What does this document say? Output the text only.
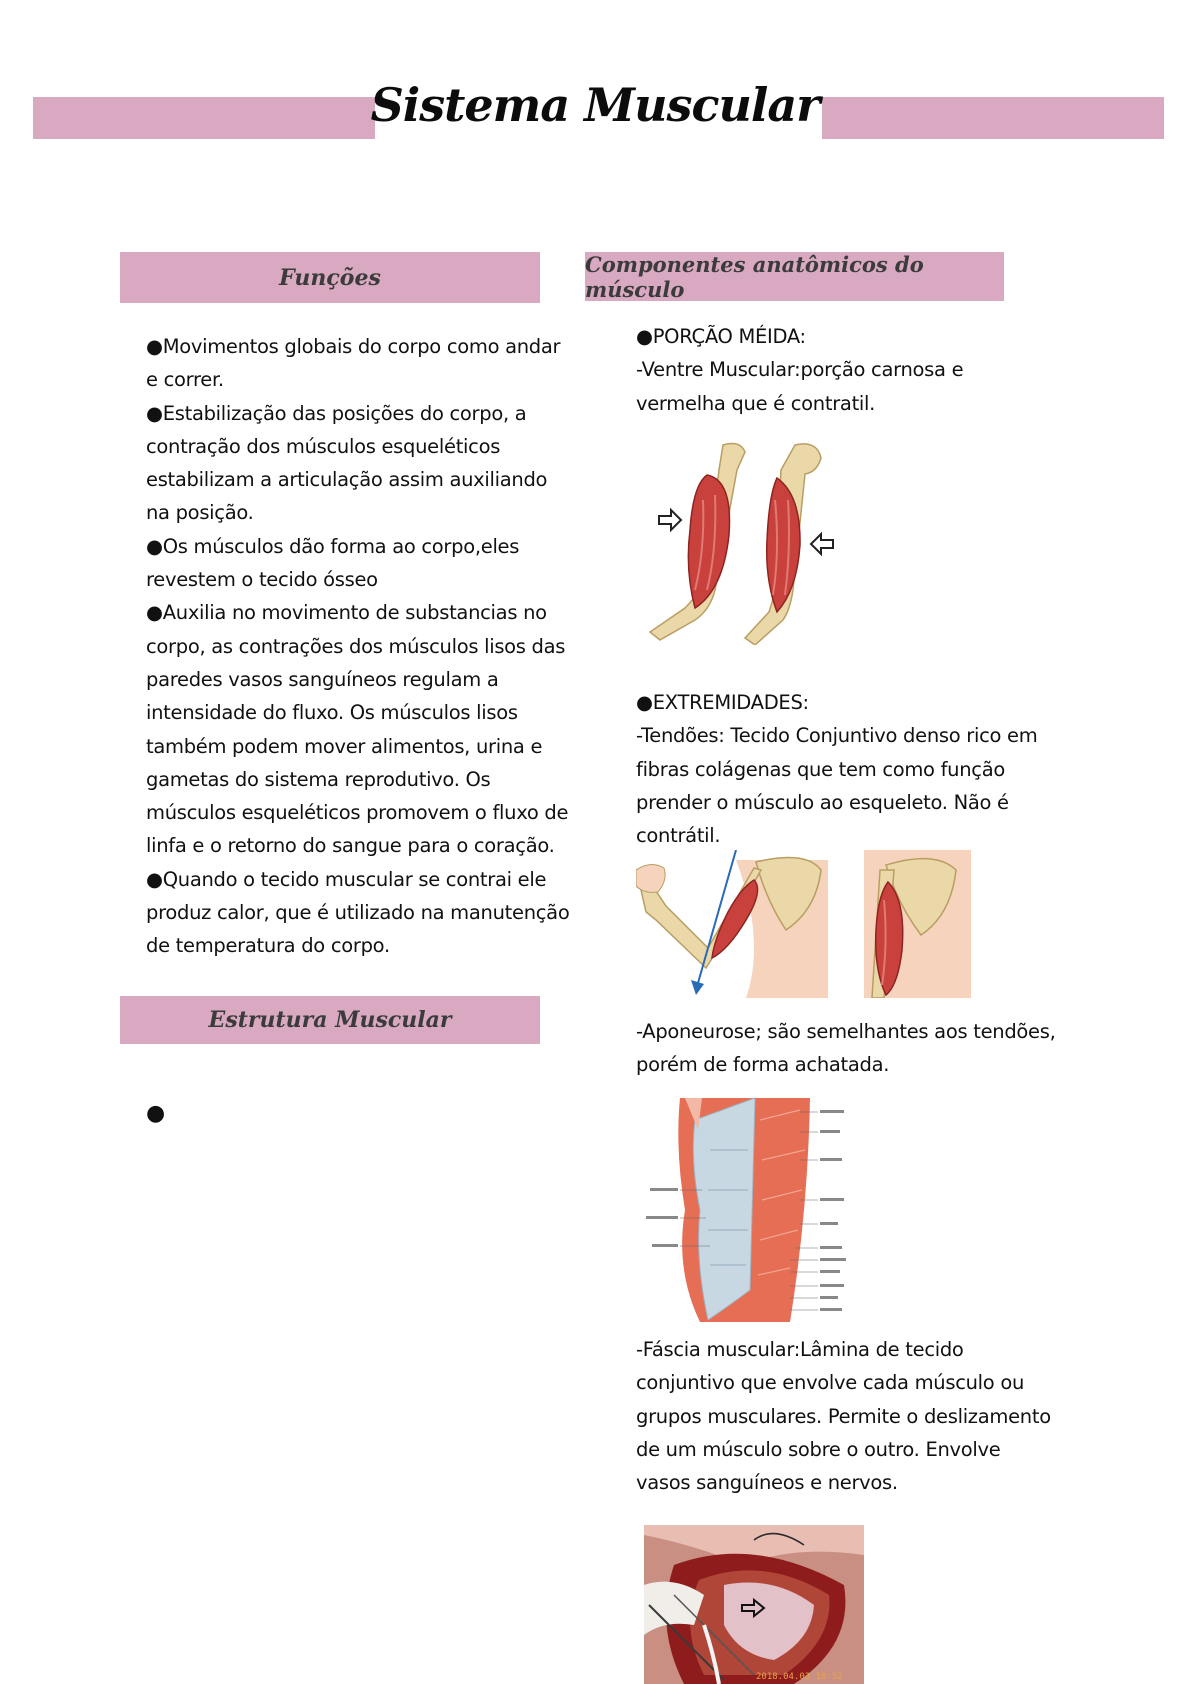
Sistema Muscular
Funções

●Movimentos globais do corpo como andar e correr.

●Estabilização das posições do corpo, a contração dos músculos esqueléticos estabilizam a articulação assim auxiliando na posição.

●Os músculos dão forma ao corpo,eles revestem o tecido ósseo

●Auxilia no movimento de substancias no corpo, as contrações dos músculos lisos das paredes vasos sanguíneos regulam a intensidade do fluxo. Os músculos lisos também podem mover alimentos, urina e gametas do sistema reprodutivo. Os músculos esqueléticos promovem o fluxo de linfa e o retorno do sangue para o coração.

●Quando o tecido muscular se contrai ele produz calor, que é utilizado na manutenção de temperatura do corpo.

Estrutura Muscular
●
Componentes anatômicos do músculo

●PORÇÃO MÉIDA:

-Ventre Muscular:porção carnosa e vermelha que é contratil.

●EXTREMIDADES:

-Tendões: Tecido Conjuntivo denso rico em fibras colágenas que tem como função prender o músculo ao esqueleto. Não é contrátil.

-Aponeurose; são semelhantes aos tendões, porém de forma achatada.
-Fáscia muscular:Lâmina de tecido conjuntivo que envolve cada músculo ou grupos musculares. Permite o deslizamento de um músculo sobre o outro. Envolve vasos sanguíneos e nervos.
2018.04.03 18:52
